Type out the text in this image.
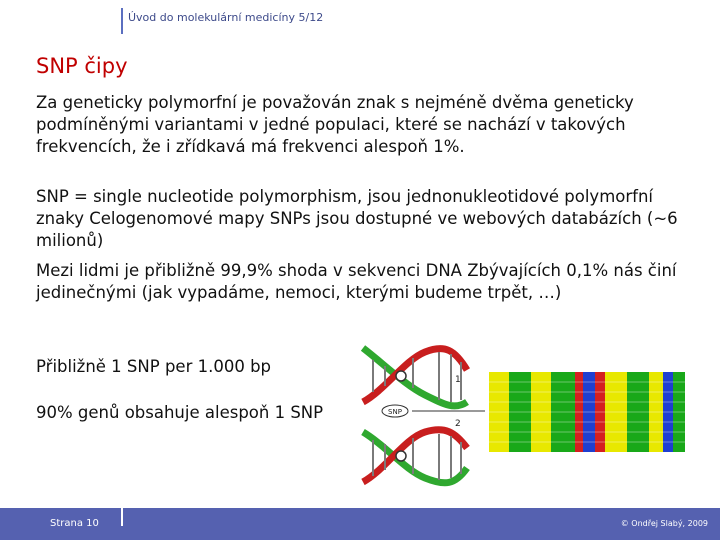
Úvod do molekulární medicíny 5/12
SNP čipy
Za geneticky polymorfní je považován znak s nejméně dvěma geneticky podmíněnými variantami v jedné populaci, které se nachází v takových frekvencích, že i zřídkavá má frekvenci alespoň 1%.
SNP = single nucleotide polymorphism, jsou jednonukleotidové polymorfní znaky Celogenomové mapy SNPs jsou dostupné ve webových databázích (~6 milionů)
Mezi lidmi je přibližně 99,9% shoda v sekvenci DNA Zbývajících 0,1% nás činí jedinečnými (jak vypadáme, nemoci, kterými budeme trpět, …)
Přibližně 1 SNP per 1.000 bp
90% genů obsahuje alespoň 1 SNP	SNP
1
2
Strana 10	© Ondřej Slabý, 2009
